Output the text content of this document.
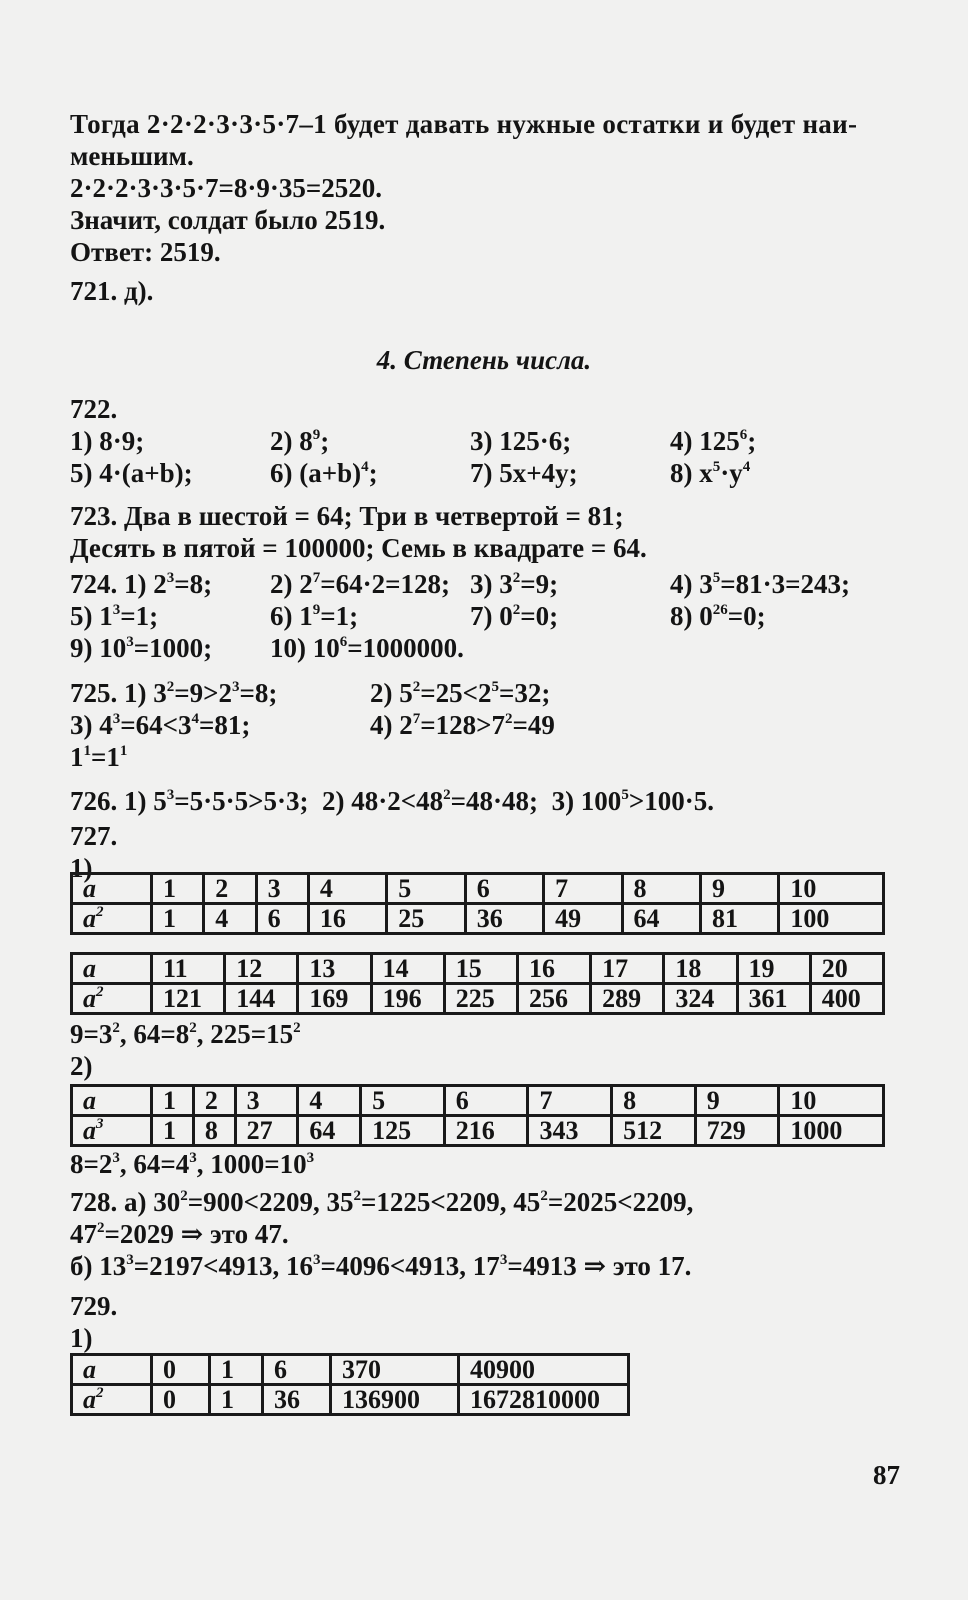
Тогда 2·2·2·3·3·5·7–1 будет давать нужные остатки и будет наи-
меньшим.
2·2·2·3·3·5·7=8·9·35=2520.
Значит, солдат было 2519.
Ответ: 2519.
721. д).
4. Степень числа.
722.
1) 8·9;	2) $8^9$;	3) 125·6;	4) $125^6$;
5) 4·(a+b);	6) $(a+b)^4$;	7) 5x+4y;	8) $x^5\cdot y^4$
723. Два в шестой = 64; Три в четвертой = 81;
Десять в пятой = 100000; Семь в квадрате = 64.
724. 1) $2^3=8$;	2) $2^7=64\cdot 2=128$; 3) $3^2=9$;	4) $3^5=81\cdot 3=243$;
5) $1^3=1$;	6) $1^9=1$;	7) $0^2=0$;	8) $0^{26}=0$;
9) $10^3=1000$;	10) $10^6=1000000$.
725. 1) $3^2=9>2^3=8$;	2) $5^2=25<2^5=32$;
3) $4^3=64<3^4=81$;	4) $2^7=128>7^2=49$
$1^1=1^1$
726. 1) $5^3=5\cdot 5\cdot 5>5\cdot 3$; 2) $48\cdot 2<48^2=48\cdot 48$; 3) $100^5>100\cdot 5$.
727.
1)
a	1	2	3	4	5	6	7	8	9	10
$a^2$	1	4	6	16	25	36	49	64	81	100
a	11	12	13	14	15	16	17	18	19	20
$a^2$	121	144	169	196	225	256	289	324	361	400
$9=3^2$, $64=8^2$, $225=15^2$
2)
a	1	2	3	4	5	6	7	8	9	10
$a^3$	1	8	27	64	125	216	343	512	729	1000
$8=2^3$, $64=4^3$, $1000=10^3$
728. а) $30^2=900<2209$, $35^2=1225<2209$, $45^2=2025<2209$,
$47^2=2029$ ⇒ это 47.
б) $13^3=2197<4913$, $16^3=4096<4913$, $17^3=4913$ ⇒ это 17.
729.
1)
a	0	1	6	370	40900
$a^2$	0	1	36	136900	1672810000
87
